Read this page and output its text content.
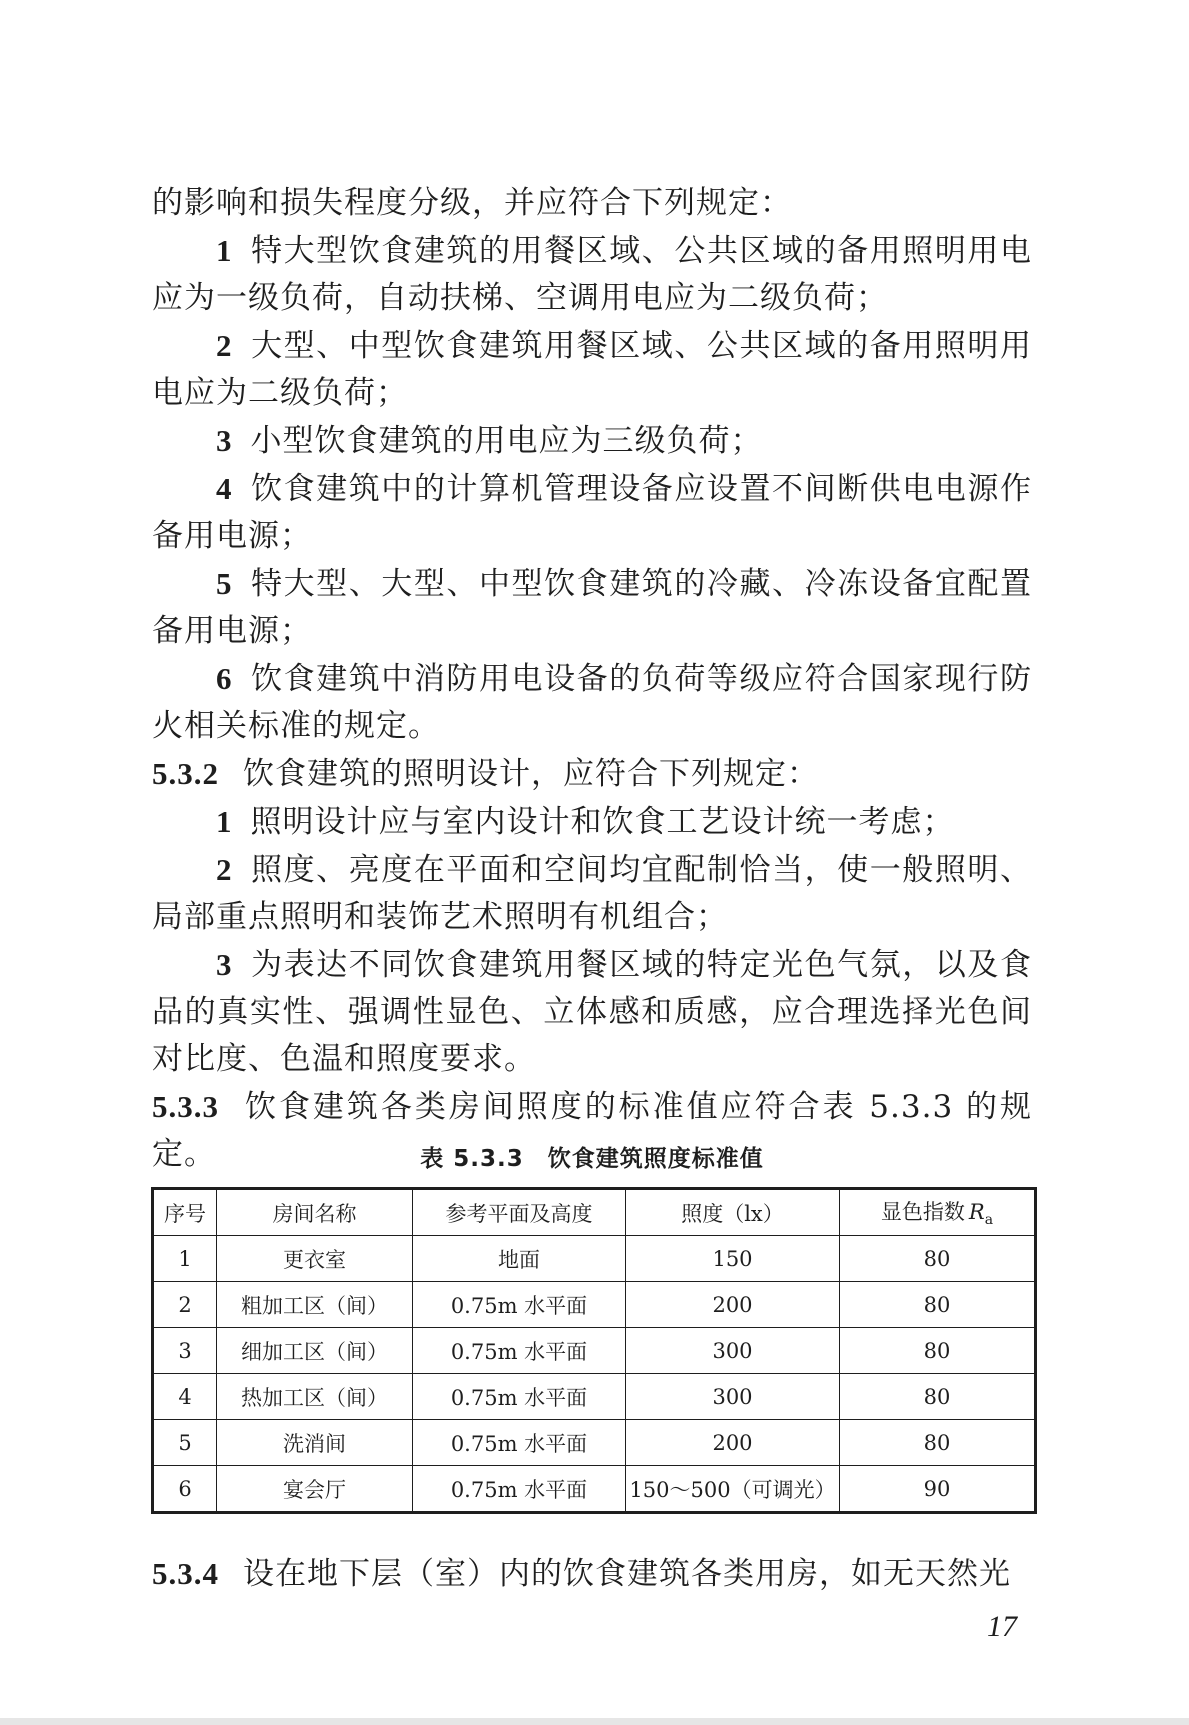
的影响和损失程度分级，并应符合下列规定：

1 特大型饮食建筑的用餐区域、公共区域的备用照明用电应为一级负荷，自动扶梯、空调用电应为二级负荷；

2 大型、中型饮食建筑用餐区域、公共区域的备用照明用电应为二级负荷；

3 小型饮食建筑的用电应为三级负荷；

4 饮食建筑中的计算机管理设备应设置不间断供电电源作备用电源；

5 特大型、大型、中型饮食建筑的冷藏、冷冻设备宜配置备用电源；

6 饮食建筑中消防用电设备的负荷等级应符合国家现行防火相关标准的规定。

5.3.2 饮食建筑的照明设计，应符合下列规定：

1 照明设计应与室内设计和饮食工艺设计统一考虑；

2 照度、亮度在平面和空间均宜配制恰当，使一般照明、局部重点照明和装饰艺术照明有机组合；

3 为表达不同饮食建筑用餐区域的特定光色气氛，以及食品的真实性、强调性显色、立体感和质感，应合理选择光色间对比度、色温和照度要求。

5.3.3 饮食建筑各类房间照度的标准值应符合表 5.3.3 的规定。	表 5.3.3　饮食建筑照度标准值
序号	房间名称	参考平面及高度	照度（lx）	显色指数 $R_a$
1	更衣室	地面	150	80
2	粗加工区（间）	0.75m 水平面	200	80
3	细加工区（间）	0.75m 水平面	300	80
4	热加工区（间）	0.75m 水平面	300	80
5	洗消间	0.75m 水平面	200	80
6	宴会厅	0.75m 水平面	150～500（可调光）	90
5.3.4 设在地下层（室）内的饮食建筑各类用房，如无天然光
17
